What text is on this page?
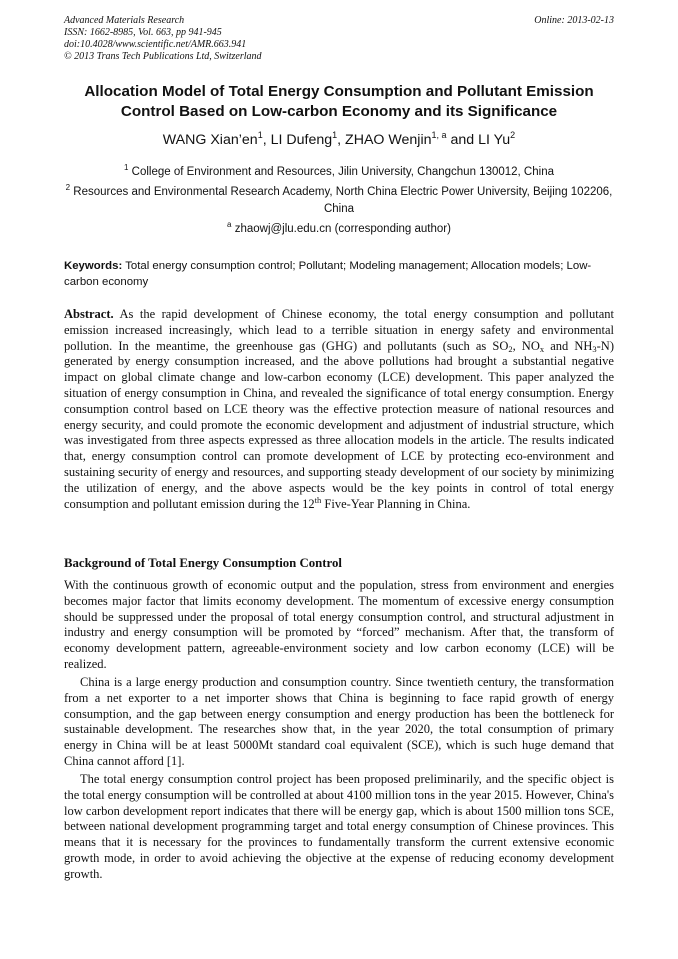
Advanced Materials Research
ISSN: 1662-8985, Vol. 663, pp 941-945
doi:10.4028/www.scientific.net/AMR.663.941
© 2013 Trans Tech Publications Ltd, Switzerland
Online: 2013-02-13
Allocation Model of Total Energy Consumption and Pollutant Emission
Control Based on Low-carbon Economy and its Significance
WANG $Xian’en^1$, LI Dufeng$^1$, ZHAO Wenjin$^{1, a}$ and LI Yu$^2$
$^1$ College of Environment and Resources, Jilin University, Changchun 130012, China
$^2$ Resources and Environmental Research Academy, North China Electric Power University, Beijing 102206, China
$^a$ zhaowj@jlu.edu.cn (corresponding author)
Keywords: Total energy consumption control; Pollutant; Modeling management; Allocation models; Low-carbon economy
Abstract. As the rapid development of Chinese economy, the total energy consumption and pollutant emission increased increasingly, which lead to a terrible situation in energy safety and environmental pollution. In the meantime, the greenhouse gas (GHG) and pollutants (such as $SO_2$, $NO_x$ and $NH_3-N$) generated by energy consumption increased, and the above pollutions had brought a substantial negative impact on global climate change and low-carbon economy (LCE) development. This paper analyzed the situation of energy consumption in China, and revealed the significance of total energy consumption. Energy consumption control based on LCE theory was the effective protection measure of national resources and energy security, and could promote the economic development and adjustment of industrial structure, which was investigated from three aspects expressed as three allocation models in the article. The results indicated that, energy consumption control can promote development of LCE by protecting eco-environment and sustaining security of energy and resources, and supporting steady development of our society by minimizing the utilization of energy, and the above aspects would be the key points in control of total energy consumption and pollutant emission during the 12th Five-Year Planning in China.
Background of Total Energy Consumption Control
With the continuous growth of economic output and the population, stress from environment and energies becomes major factor that limits economy development. The momentum of excessive energy consumption should be suppressed under the proposal of total energy consumption control, and structural adjustment in industry and energy consumption will be promoted by “forced” mechanism. After that, the transform of economy development pattern, agreeable-environment society and low carbon economy (LCE) will be realized.
China is a large energy production and consumption country. Since twentieth century, the transformation from a net exporter to a net importer shows that China is beginning to face rapid growth of energy consumption, and the gap between energy consumption and energy production has been the bottleneck for sustainable development. The researches show that, in the year 2020, the total consumption of primary energy in China will be at least 5000Mt standard coal equivalent (SCE), which is such huge demand that China cannot afford [1].
The total energy consumption control project has been proposed preliminarily, and the specific object is the total energy consumption will be controlled at about 4100 million tons in the year 2015. However, China's low carbon development report indicates that there will be energy gap, which is about 1500 million tons SCE, between national development programming target and total energy consumption of Chinese provinces. This means that it is necessary for the provinces to fundamentally transform the current extensive economic growth mode, in order to avoid achieving the objective at the expense of reducing economy development growth.
